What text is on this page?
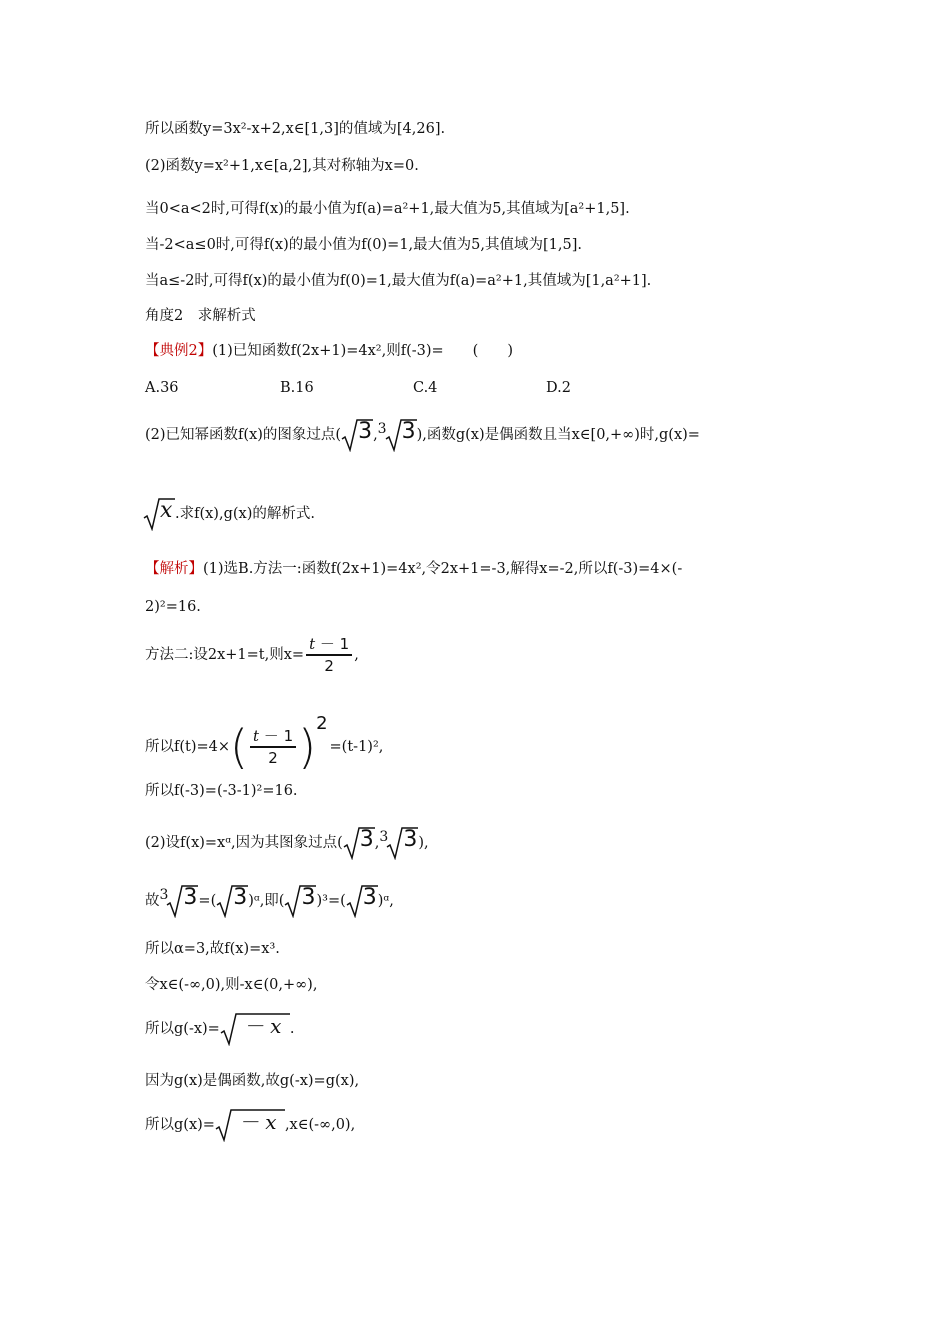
所以函数y=3x²-x+2,x∈[1,3]的值域为[4,26].
(2)函数y=x²+1,x∈[a,2],其对称轴为x=0.
当0<a<2时,可得f(x)的最小值为f(a)=a²+1,最大值为5,其值域为[a²+1,5].
当-2<a≤0时,可得f(x)的最小值为f(0)=1,最大值为5,其值域为[1,5].
当a≤-2时,可得f(x)的最小值为f(0)=1,最大值为f(a)=a²+1,其值域为[1,a²+1].
角度2　求解析式
【典例2】(1)已知函数f(2x+1)=4x²,则f(-3)=　　(　　)
A.36	B.16	C.4	D.2
(2)已知幂函数f(x)的图象过点( 3 ,3 3 ),函数g(x)是偶函数且当x∈[0,+∞)时,g(x)=
x .求f(x),g(x)的解析式.
【解析】(1)选B.方法一:函数f(2x+1)=4x²,令2x+1=-3,解得x=-2,所以f(-3)=4×(-
2)²=16.
方法二:设2x+1=t,则$x= \frac{t - 1}{2}$ ,
所以$f(t)=4\times( \frac{t - 1}{2} )2=(t-1)^2$,
所以f(-3)=(-3-1)²=16.
(2)设f(x)=xᵅ,因为其图象过点( 3 ,3 3 ),
故3 3 =( 3 )ᵅ,即( 3 )³=( 3 )ᵅ,
所以α=3,故f(x)=x³.
令x∈(-∞,0),则-x∈(0,+∞),
所以g(-x)= － x .
因为g(x)是偶函数,故g(-x)=g(x),
所以g(x)= － x ,x∈(-∞,0),
